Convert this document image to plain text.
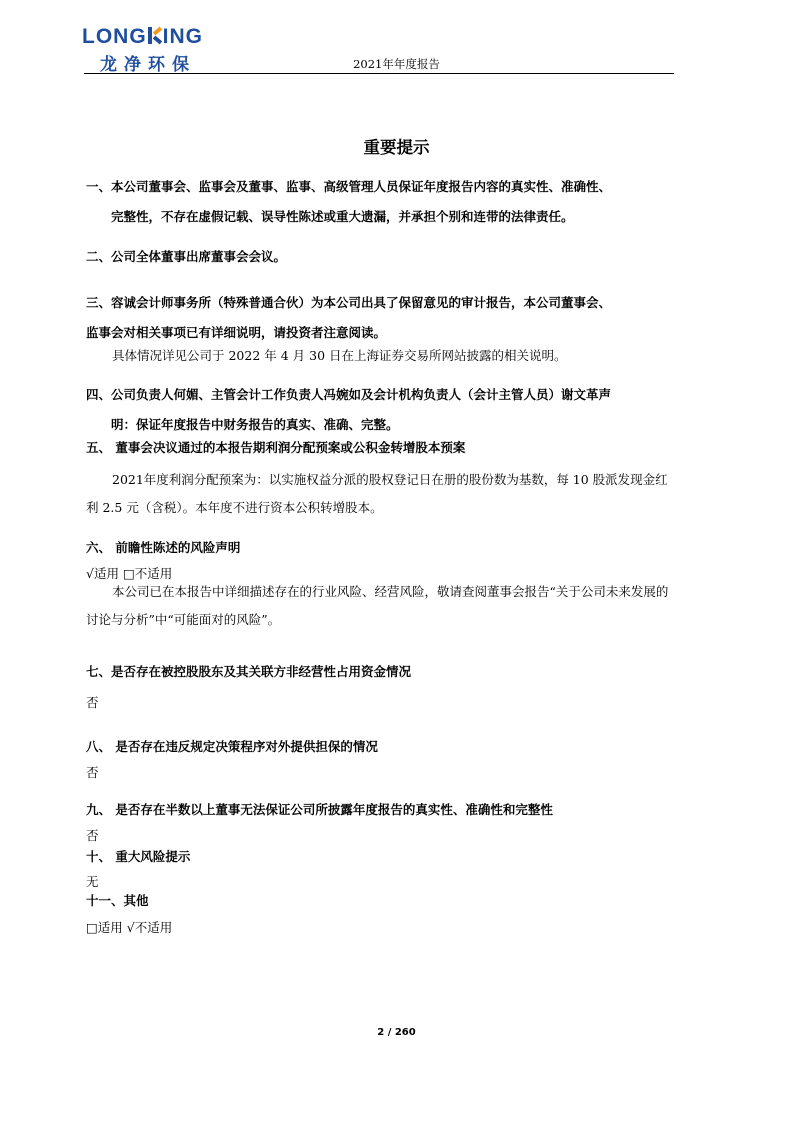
LONG ING
龙净环保	2021年年度报告
重要提示
一、本公司董事会、监事会及董事、监事、高级管理人员保证年度报告内容的真实性、准确性、
完整性，不存在虚假记载、误导性陈述或重大遗漏，并承担个别和连带的法律责任。
二、公司全体董事出席董事会会议。
三、容诚会计师事务所（特殊普通合伙）为本公司出具了保留意见的审计报告，本公司董事会、
监事会对相关事项已有详细说明，请投资者注意阅读。
具体情况详见公司于 2022 年 4 月 30 日在上海证券交易所网站披露的相关说明。
四、公司负责人何媚、主管会计工作负责人冯婉如及会计机构负责人（会计主管人员）谢文革声
明：保证年度报告中财务报告的真实、准确、完整。
五、 董事会决议通过的本报告期利润分配预案或公积金转增股本预案
2021年度利润分配预案为：以实施权益分派的股权登记日在册的股份数为基数，每 10 股派发现金红利 2.5 元（含税）。本年度不进行资本公积转增股本。
六、 前瞻性陈述的风险声明
√适用 □不适用
本公司已在本报告中详细描述存在的行业风险、经营风险，敬请查阅董事会报告“关于公司未来发展的讨论与分析”中“可能面对的风险”。
七、是否存在被控股股东及其关联方非经营性占用资金情况
否
八、 是否存在违反规定决策程序对外提供担保的情况
否
九、 是否存在半数以上董事无法保证公司所披露年度报告的真实性、准确性和完整性
否
十、 重大风险提示
无
十一、其他
□适用 √不适用
2 / 260
